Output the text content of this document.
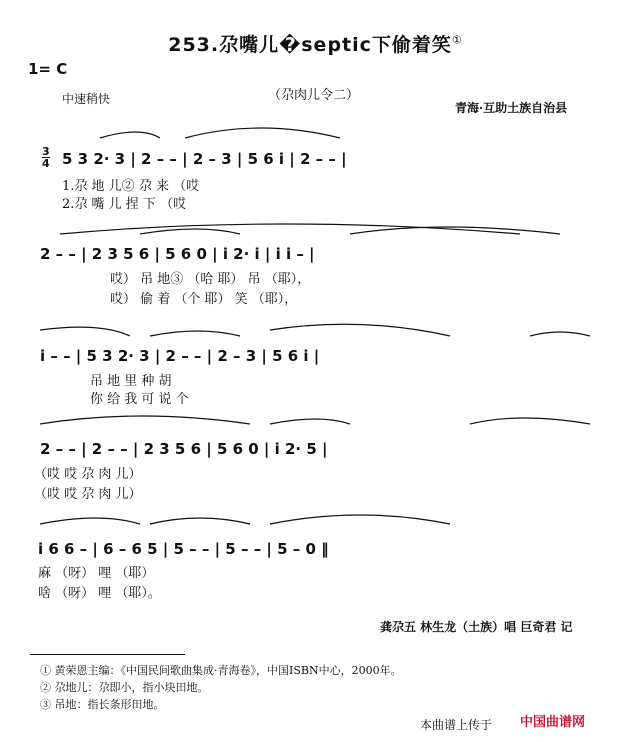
253.尕嘴儿�septic下偷着笑①
1= C
中速稍快	（尕肉儿令二）
青海·互助土族自治县
3
4 5 3 2· 3 | 2 – – | 2 – 3 | 5 6 i | 2 – – |
1.尕 地 儿② 尕 来 （哎
2.尕 嘴 儿 捏 下 （哎
2 – – | 2 3 5 6 | 5 6 0 | i 2· i | i i – |
哎） 吊 地③ （哈 耶） 吊 （耶），
哎） 偷 着 （个 耶） 笑 （耶），
i – – | 5 3 2· 3 | 2 – – | 2 – 3 | 5 6 i |
吊 地 里 种 胡
你 给 我 可 说 个
2 – – | 2 – – | 2 3 5 6 | 5 6 0 | i 2· 5 |
（哎 哎 尕 肉 儿）
（哎 哎 尕 肉 儿）
i 6 6 – | 6 – 6 5 | 5 – – | 5 – – | 5 – 0 ‖
麻 （呀） 哩 （耶）
啥 （呀） 哩 （耶）。
龚尕五 林生龙（土族）唱 巨奇君 记
① 黄荣恩主编：《中国民间歌曲集成·青海卷》，中国ISBN中心，2000年。
② 尕地儿：尕即小，指小块田地。
③ 吊地：指长条形田地。
本曲谱上传于 中国曲谱网
